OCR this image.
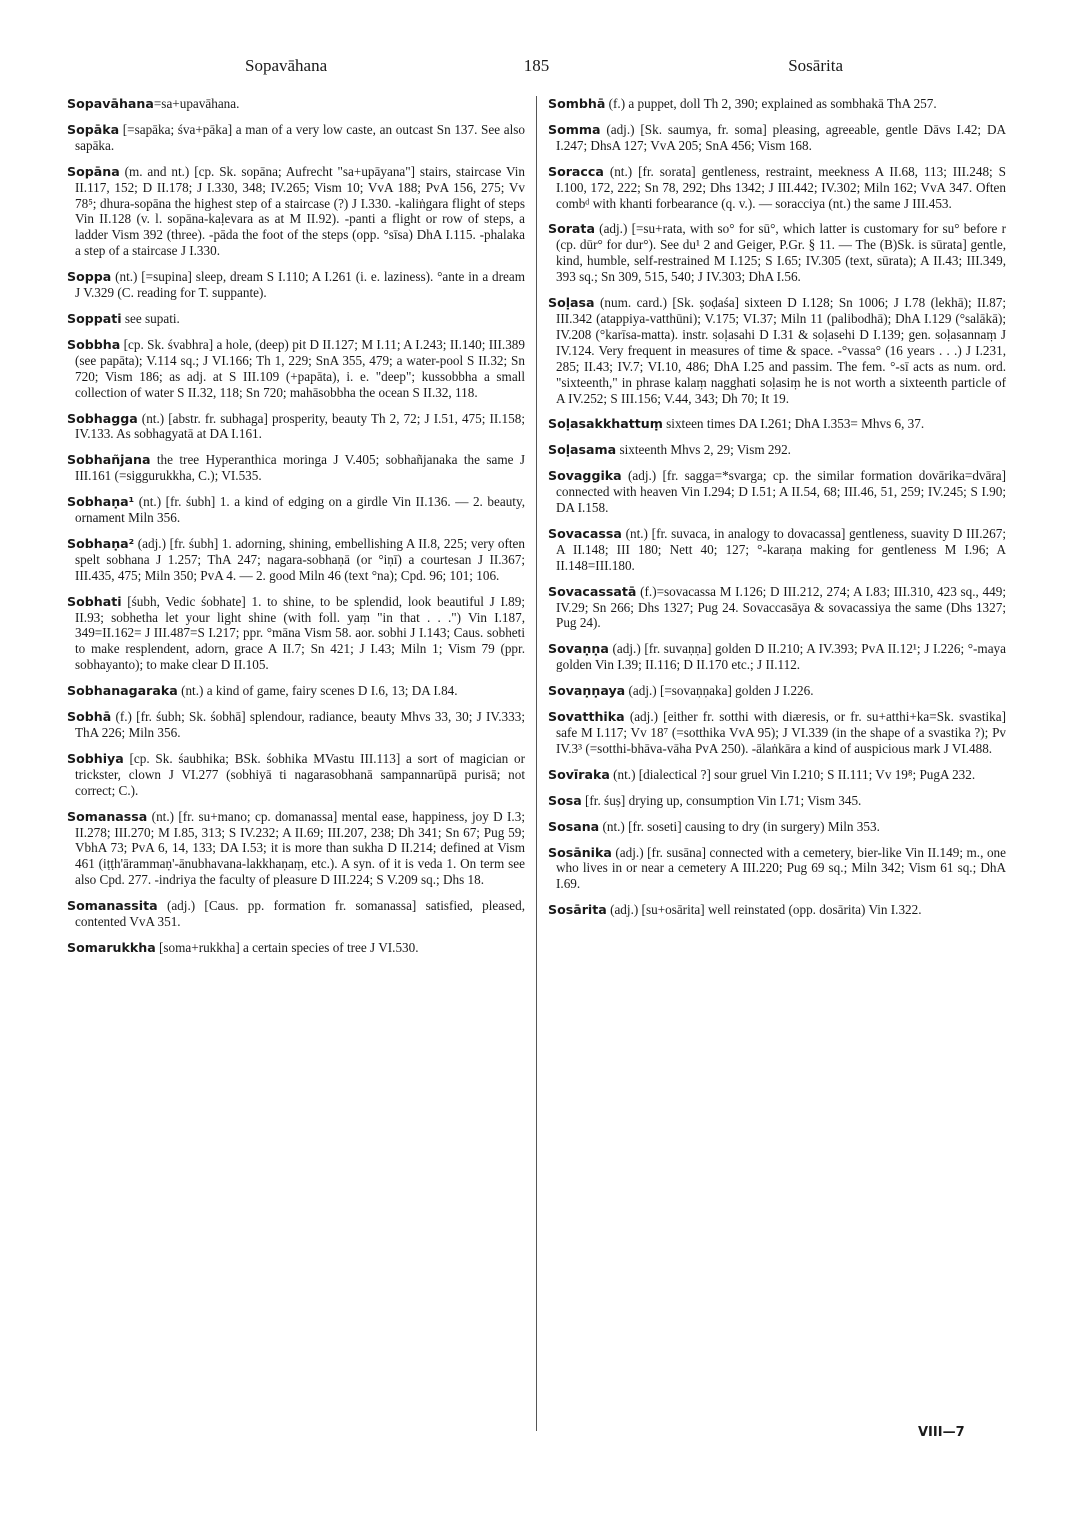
Sopavāhana	185	Sosārita

Sopavāhana=sa+upavāhana.

Sopāka [=sapāka; śva+pāka] a man of a very low caste, an outcast Sn 137. See also sapāka.

Sopāna (m. and nt.) [cp. Sk. sopāna; Aufrecht "sa+upāyana"] stairs, staircase Vin II.117, 152; D II.178; J I.330, 348; IV.265; Vism 10; VvA 188; PvA 156, 275; Vv 78⁵; dhura-sopāna the highest step of a staircase (?) J I.330. -kaliṅgara flight of steps Vin II.128 (v. l. sopāna-kaḷevara as at M II.92). -panti a flight or row of steps, a ladder Vism 392 (three). -pāda the foot of the steps (opp. °sīsa) DhA I.115. -phalaka a step of a staircase J I.330.

Soppa (nt.) [=supina] sleep, dream S I.110; A I.261 (i. e. laziness). °ante in a dream J V.329 (C. reading for T. suppante).

Soppati see supati.

Sobbha [cp. Sk. śvabhra] a hole, (deep) pit D II.127; M I.11; A I.243; II.140; III.389 (see papāta); V.114 sq.; J VI.166; Th 1, 229; SnA 355, 479; a water-pool S II.32; Sn 720; Vism 186; as adj. at S III.109 (+papāta), i. e. "deep"; kussobbha a small collection of water S II.32, 118; Sn 720; mahāsobbha the ocean S II.32, 118.

Sobhagga (nt.) [abstr. fr. subhaga] prosperity, beauty Th 2, 72; J I.51, 475; II.158; IV.133. As sobhagyatā at DA I.161.

Sobhañjana the tree Hyperanthica moringa J V.405; sobhañjanaka the same J III.161 (=siggurukkha, C.); VI.535.

Sobhaṇa¹ (nt.) [fr. śubh] 1. a kind of edging on a girdle Vin II.136. — 2. beauty, ornament Miln 356.

Sobhaṇa² (adj.) [fr. śubh] 1. adorning, shining, embellishing A II.8, 225; very often spelt sobhana J 1.257; ThA 247; nagara-sobhaṇā (or °iṇī) a courtesan J II.367; III.435, 475; Miln 350; PvA 4. — 2. good Miln 46 (text °na); Cpd. 96; 101; 106.

Sobhati [śubh, Vedic śobhate] 1. to shine, to be splendid, look beautiful J I.89; II.93; sobhetha let your light shine (with foll. yaṃ "in that . . .") Vin I.187, 349=II.162= J III.487=S I.217; ppr. °māna Vism 58. aor. sobhi J I.143; Caus. sobheti to make resplendent, adorn, grace A II.7; Sn 421; J I.43; Miln 1; Vism 79 (ppr. sobhayanto); to make clear D II.105.

Sobhanagaraka (nt.) a kind of game, fairy scenes D I.6, 13; DA I.84.

Sobhā (f.) [fr. śubh; Sk. śobhā] splendour, radiance, beauty Mhvs 33, 30; J IV.333; ThA 226; Miln 356.

Sobhiya [cp. Sk. śaubhika; BSk. śobhika MVastu III.113] a sort of magician or trickster, clown J VI.277 (sobhiyā ti nagarasobhanā sampannarūpā purisā; not correct; C.).

Somanassa (nt.) [fr. su+mano; cp. domanassa] mental ease, happiness, joy D I.3; II.278; III.270; M I.85, 313; S IV.232; A II.69; III.207, 238; Dh 341; Sn 67; Pug 59; VbhA 73; PvA 6, 14, 133; DA I.53; it is more than sukha D II.214; defined at Vism 461 (iṭṭh'ārammaṇ'-ānubhavana-lakkhaṇaṃ, etc.). A syn. of it is veda 1. On term see also Cpd. 277. -indriya the faculty of pleasure D III.224; S V.209 sq.; Dhs 18.

Somanassita (adj.) [Caus. pp. formation fr. somanassa] satisfied, pleased, contented VvA 351.

Somarukkha [soma+rukkha] a certain species of tree J VI.530.

Sombhā (f.) a puppet, doll Th 2, 390; explained as sombhakā ThA 257.

Somma (adj.) [Sk. saumya, fr. soma] pleasing, agreeable, gentle Dāvs I.42; DA I.247; DhsA 127; VvA 205; SnA 456; Vism 168.

Soracca (nt.) [fr. sorata] gentleness, restraint, meekness A II.68, 113; III.248; S I.100, 172, 222; Sn 78, 292; Dhs 1342; J III.442; IV.302; Miln 162; VvA 347. Often combᵈ with khanti forbearance (q. v.). — soracciya (nt.) the same J III.453.

Sorata (adj.) [=su+rata, with so° for sū°, which latter is customary for su° before r (cp. dūr° for dur°). See du¹ 2 and Geiger, P.Gr. § 11. — The (B)Sk. is sūrata] gentle, kind, humble, self-restrained M I.125; S I.65; IV.305 (text, sūrata); A II.43; III.349, 393 sq.; Sn 309, 515, 540; J IV.303; DhA I.56.

Soḷasa (num. card.) [Sk. ṣoḍaśa] sixteen D I.128; Sn 1006; J I.78 (lekhā); II.87; III.342 (atappiya-vatthūni); V.175; VI.37; Miln 11 (palibodhā); DhA I.129 (°salākā); IV.208 (°karīsa-matta). instr. soḷasahi D I.31 & soḷasehi D I.139; gen. soḷasannaṃ J IV.124. Very frequent in measures of time & space. -°vassa° (16 years . . .) J I.231, 285; II.43; IV.7; VI.10, 486; DhA I.25 and passim. The fem. °-sī acts as num. ord. "sixteenth," in phrase kalaṃ nagghati soḷasiṃ he is not worth a sixteenth particle of A IV.252; S III.156; V.44, 343; Dh 70; It 19.

Soḷasakkhattuṃ sixteen times DA I.261; DhA I.353= Mhvs 6, 37.

Soḷasama sixteenth Mhvs 2, 29; Vism 292.

Sovaggika (adj.) [fr. sagga=*svarga; cp. the similar formation dovārika=dvāra] connected with heaven Vin I.294; D I.51; A II.54, 68; III.46, 51, 259; IV.245; S I.90; DA I.158.

Sovacassa (nt.) [fr. suvaca, in analogy to dovacassa] gentleness, suavity D III.267; A II.148; III 180; Nett 40; 127; °-karaṇa making for gentleness M I.96; A II.148=III.180.

Sovacassatā (f.)=sovacassa M I.126; D III.212, 274; A I.83; III.310, 423 sq., 449; IV.29; Sn 266; Dhs 1327; Pug 24. Sovaccasāya & sovacassiya the same (Dhs 1327; Pug 24).

Sovaṇṇa (adj.) [fr. suvaṇṇa] golden D II.210; A IV.393; PvA II.12¹; J I.226; °-maya golden Vin I.39; II.116; D II.170 etc.; J II.112.

Sovaṇṇaya (adj.) [=sovaṇṇaka] golden J I.226.

Sovatthika (adj.) [either fr. sotthi with diæresis, or fr. su+atthi+ka=Sk. svastika] safe M I.117; Vv 18⁷ (=sotthika VvA 95); J VI.339 (in the shape of a svastika ?); Pv IV.3³ (=sotthi-bhāva-vāha PvA 250). -ālaṅkāra a kind of auspicious mark J VI.488.

Sovīraka (nt.) [dialectical ?] sour gruel Vin I.210; S II.111; Vv 19⁸; PugA 232.

Sosa [fr. śuṣ] drying up, consumption Vin I.71; Vism 345.

Sosana (nt.) [fr. soseti] causing to dry (in surgery) Miln 353.

Sosānika (adj.) [fr. susāna] connected with a cemetery, bier-like Vin II.149; m., one who lives in or near a cemetery A III.220; Pug 69 sq.; Miln 342; Vism 61 sq.; DhA I.69.

Sosārita (adj.) [su+osārita] well reinstated (opp. dosārita) Vin I.322.

VIII—7
